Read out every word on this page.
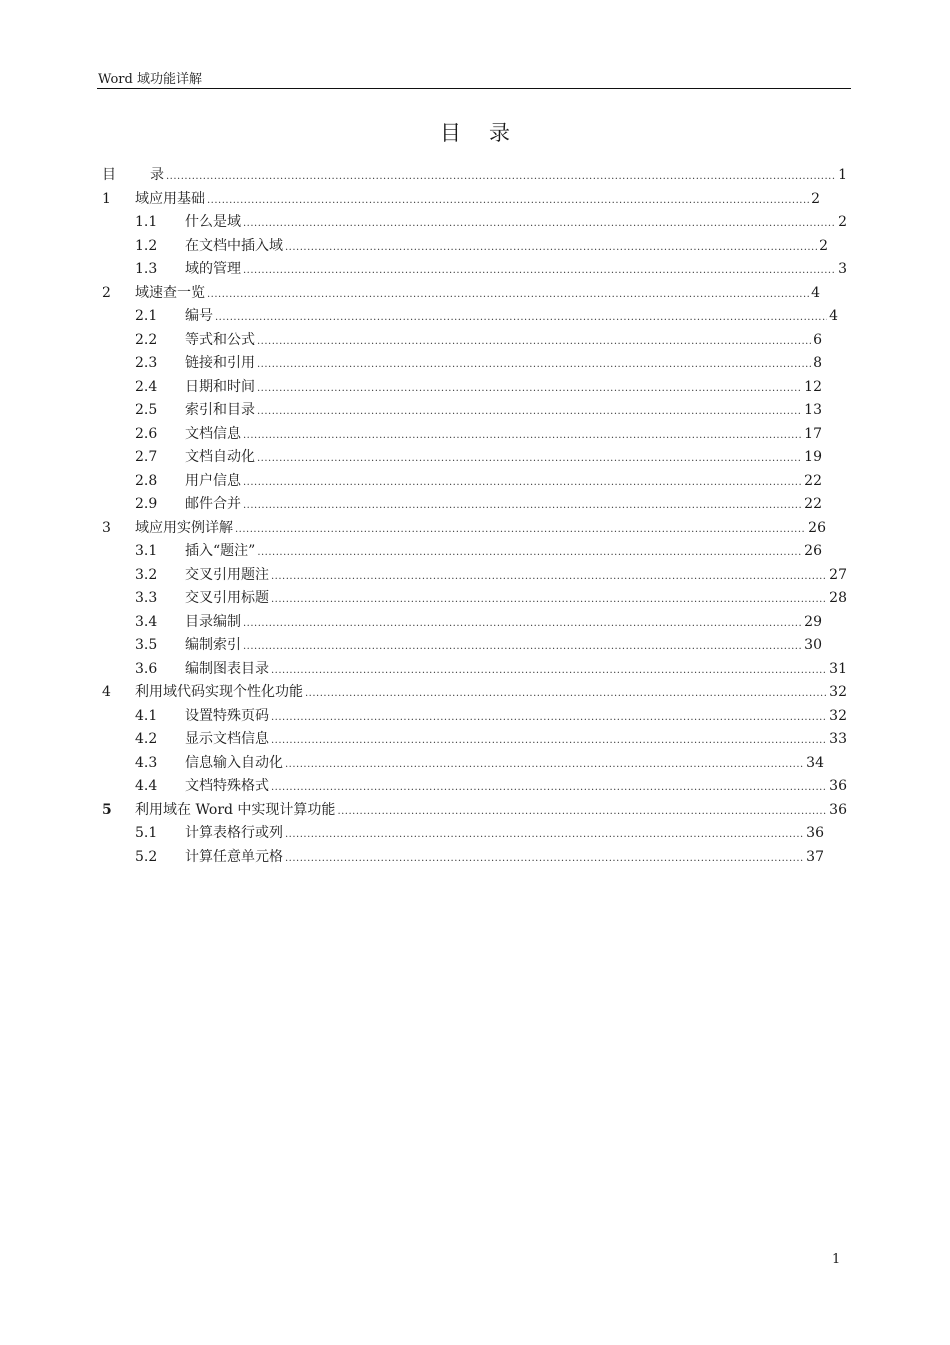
Word 域功能详解
目录
目	录 .....	1
1	域应用基础 .....	2
1.1	什么是域 .....	2
1.2	在文档中插入域 .....	2
1.3	域的管理 .....	3
2	域速查一览 .....	4
2.1	编号 .....	4
2.2	等式和公式 .....	6
2.3	链接和引用 .....	8
2.4	日期和时间 .....	12
2.5	索引和目录 .....	13
2.6	文档信息 .....	17
2.7	文档自动化 .....	19
2.8	用户信息 .....	22
2.9	邮件合并 .....	22
3	域应用实例详解 .....	26
3.1	插入“题注” .....	26
3.2	交叉引用题注 .....	27
3.3	交叉引用标题 .....	28
3.4	目录编制 .....	29
3.5	编制索引 .....	30
3.6	编制图表目录 .....	31
4	利用域代码实现个性化功能 .....	32
4.1	设置特殊页码 .....	32
4.2	显示文档信息 .....	33
4.3	信息输入自动化 .....	34
4.4	文档特殊格式 .....	36
5	利用域在 Word 中实现计算功能 .....	36
5.1	计算表格行或列 .....	36
5.2	计算任意单元格 .....	37
1
